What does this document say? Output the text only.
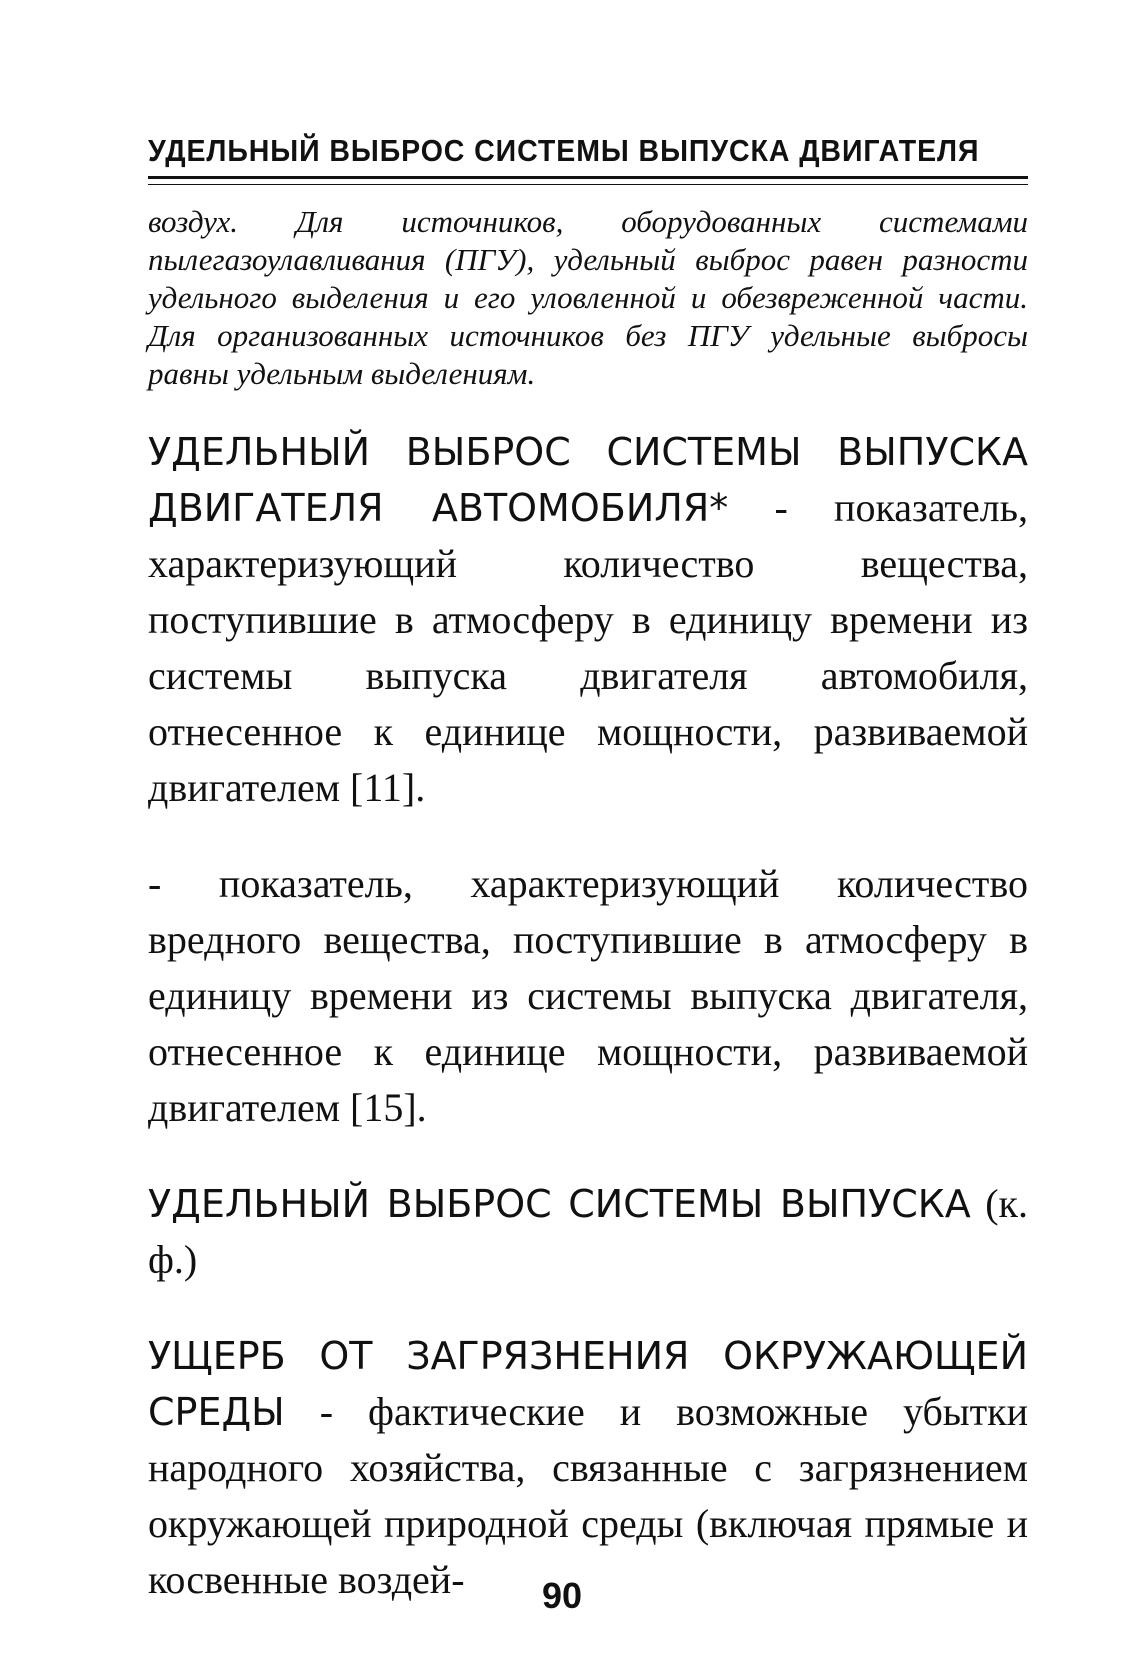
УДЕЛЬНЫЙ ВЫБРОС СИСТЕМЫ ВЫПУСКА ДВИГАТЕЛЯ

воздух. Для источников, оборудованных системами пылегазоулавливания (ПГУ), удельный выброс равен разности удельного выделения и его уловленной и обезвреженной части. Для организованных источников без ПГУ удельные выбросы равны удельным выделениям.

УДЕЛЬНЫЙ ВЫБРОС СИСТЕМЫ ВЫПУСКА ДВИГАТЕЛЯ АВТОМОБИЛЯ* - показатель, характеризующий количество вещества, поступившие в атмосферу в единицу времени из системы выпуска двигателя автомобиля, отнесенное к единице мощности, развиваемой двигателем [11].

- показатель, характеризующий количество вредного вещества, поступившие в атмосферу в единицу времени из системы выпуска двигателя, отнесенное к единице мощности, развиваемой двигателем [15].

УДЕЛЬНЫЙ ВЫБРОС СИСТЕМЫ ВЫПУСКА (к. ф.)

УЩЕРБ ОТ ЗАГРЯЗНЕНИЯ ОКРУЖАЮЩЕЙ СРЕДЫ - фактические и возможные убытки народного хозяйства, связанные с загрязнением окружающей природной среды (включая прямые и косвенные воздей-	90
